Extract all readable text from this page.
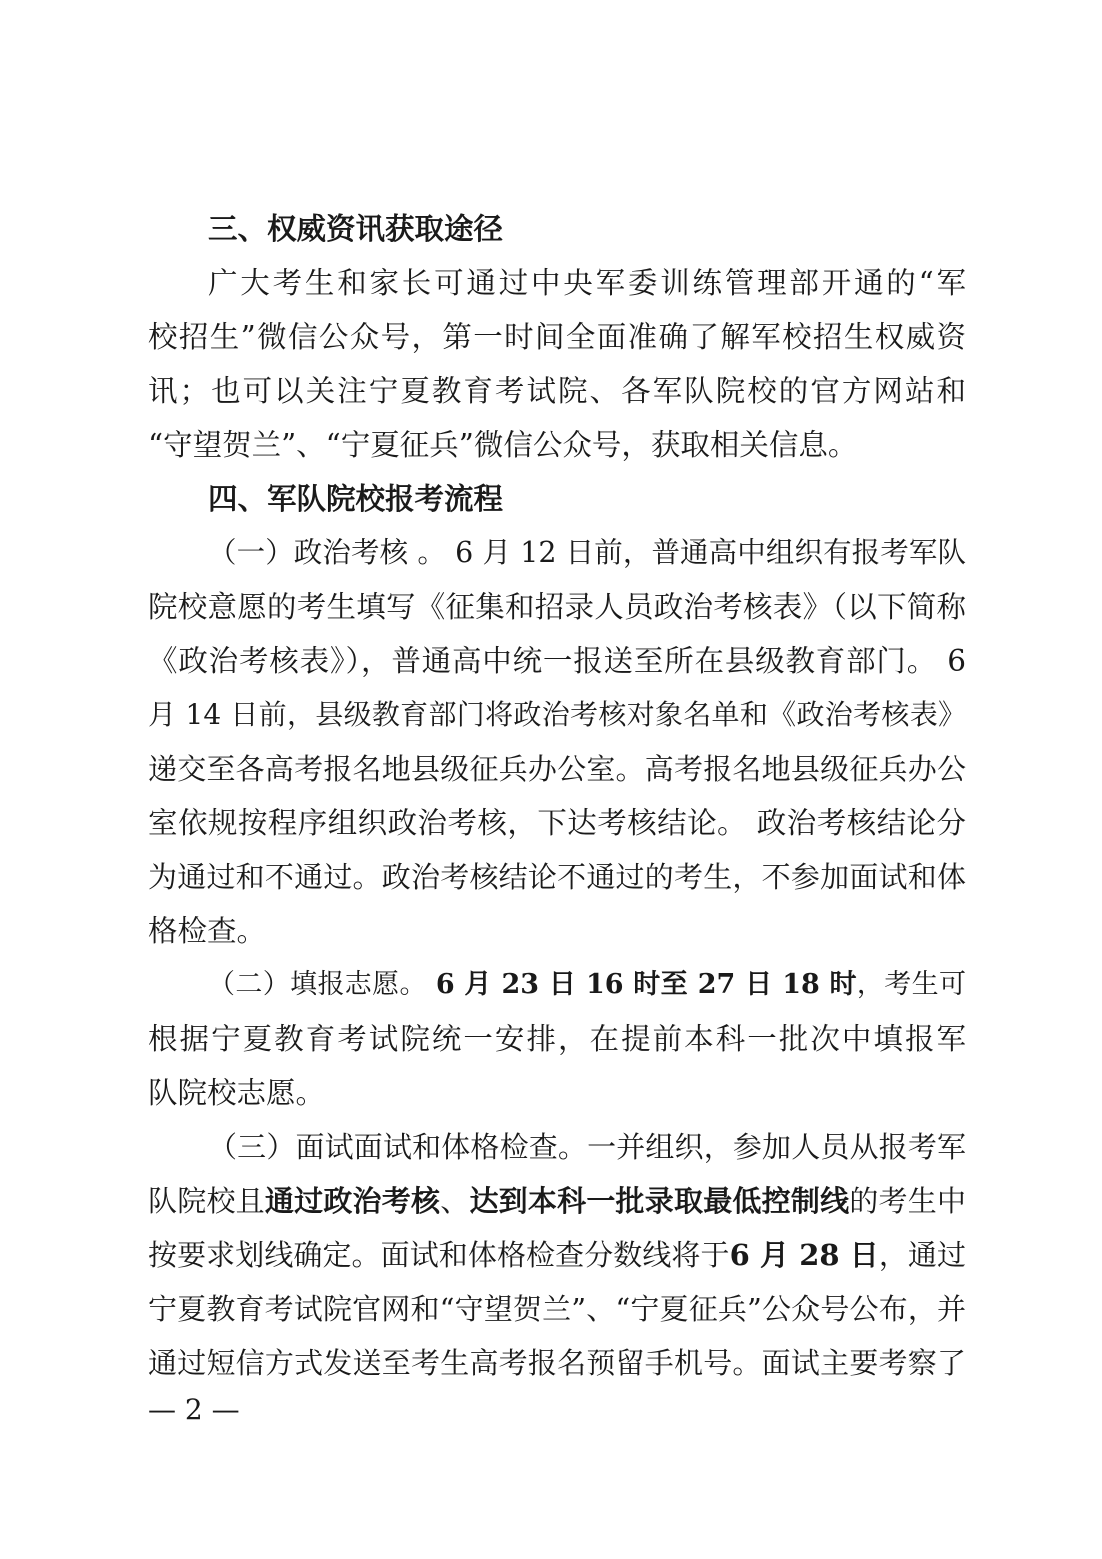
三、权威资讯获取途径
广大考生和家长可通过中央军委训练管理部开通的“军
校招生”微信公众号，第一时间全面准确了解军校招生权威资
讯；也可以关注宁夏教育考试院、各军队院校的官方网站和
“守望贺兰”、“宁夏征兵”微信公众号，获取相关信息。
四、军队院校报考流程
（一）政治考核 。 6 月 12 日前，普通高中组织有报考军队
院校意愿的考生填写《征集和招录人员政治考核表》（以下简称
《政治考核表》），普通高中统一报送至所在县级教育部门。 6
月 14 日前，县级教育部门将政治考核对象名单和《政治考核表》
递交至各高考报名地县级征兵办公室。高考报名地县级征兵办公
室依规按程序组织政治考核，下达考核结论。 政治考核结论分
为通过和不通过。政治考核结论不通过的考生，不参加面试和体
格检查。
（二）填报志愿。 6 月 23 日 16 时至 27 日 18 时，考生可
根据宁夏教育考试院统一安排，在提前本科一批次中填报军
队院校志愿。
（三）面试面试和体格检查。一并组织，参加人员从报考军
队院校且通过政治考核、达到本科一批录取最低控制线的考生中
按要求划线确定。面试和体格检查分数线将于6 月 28 日，通过
宁夏教育考试院官网和“守望贺兰”、“宁夏征兵”公众号公布，并
通过短信方式发送至考生高考报名预留手机号。面试主要考察了
— 2 —
